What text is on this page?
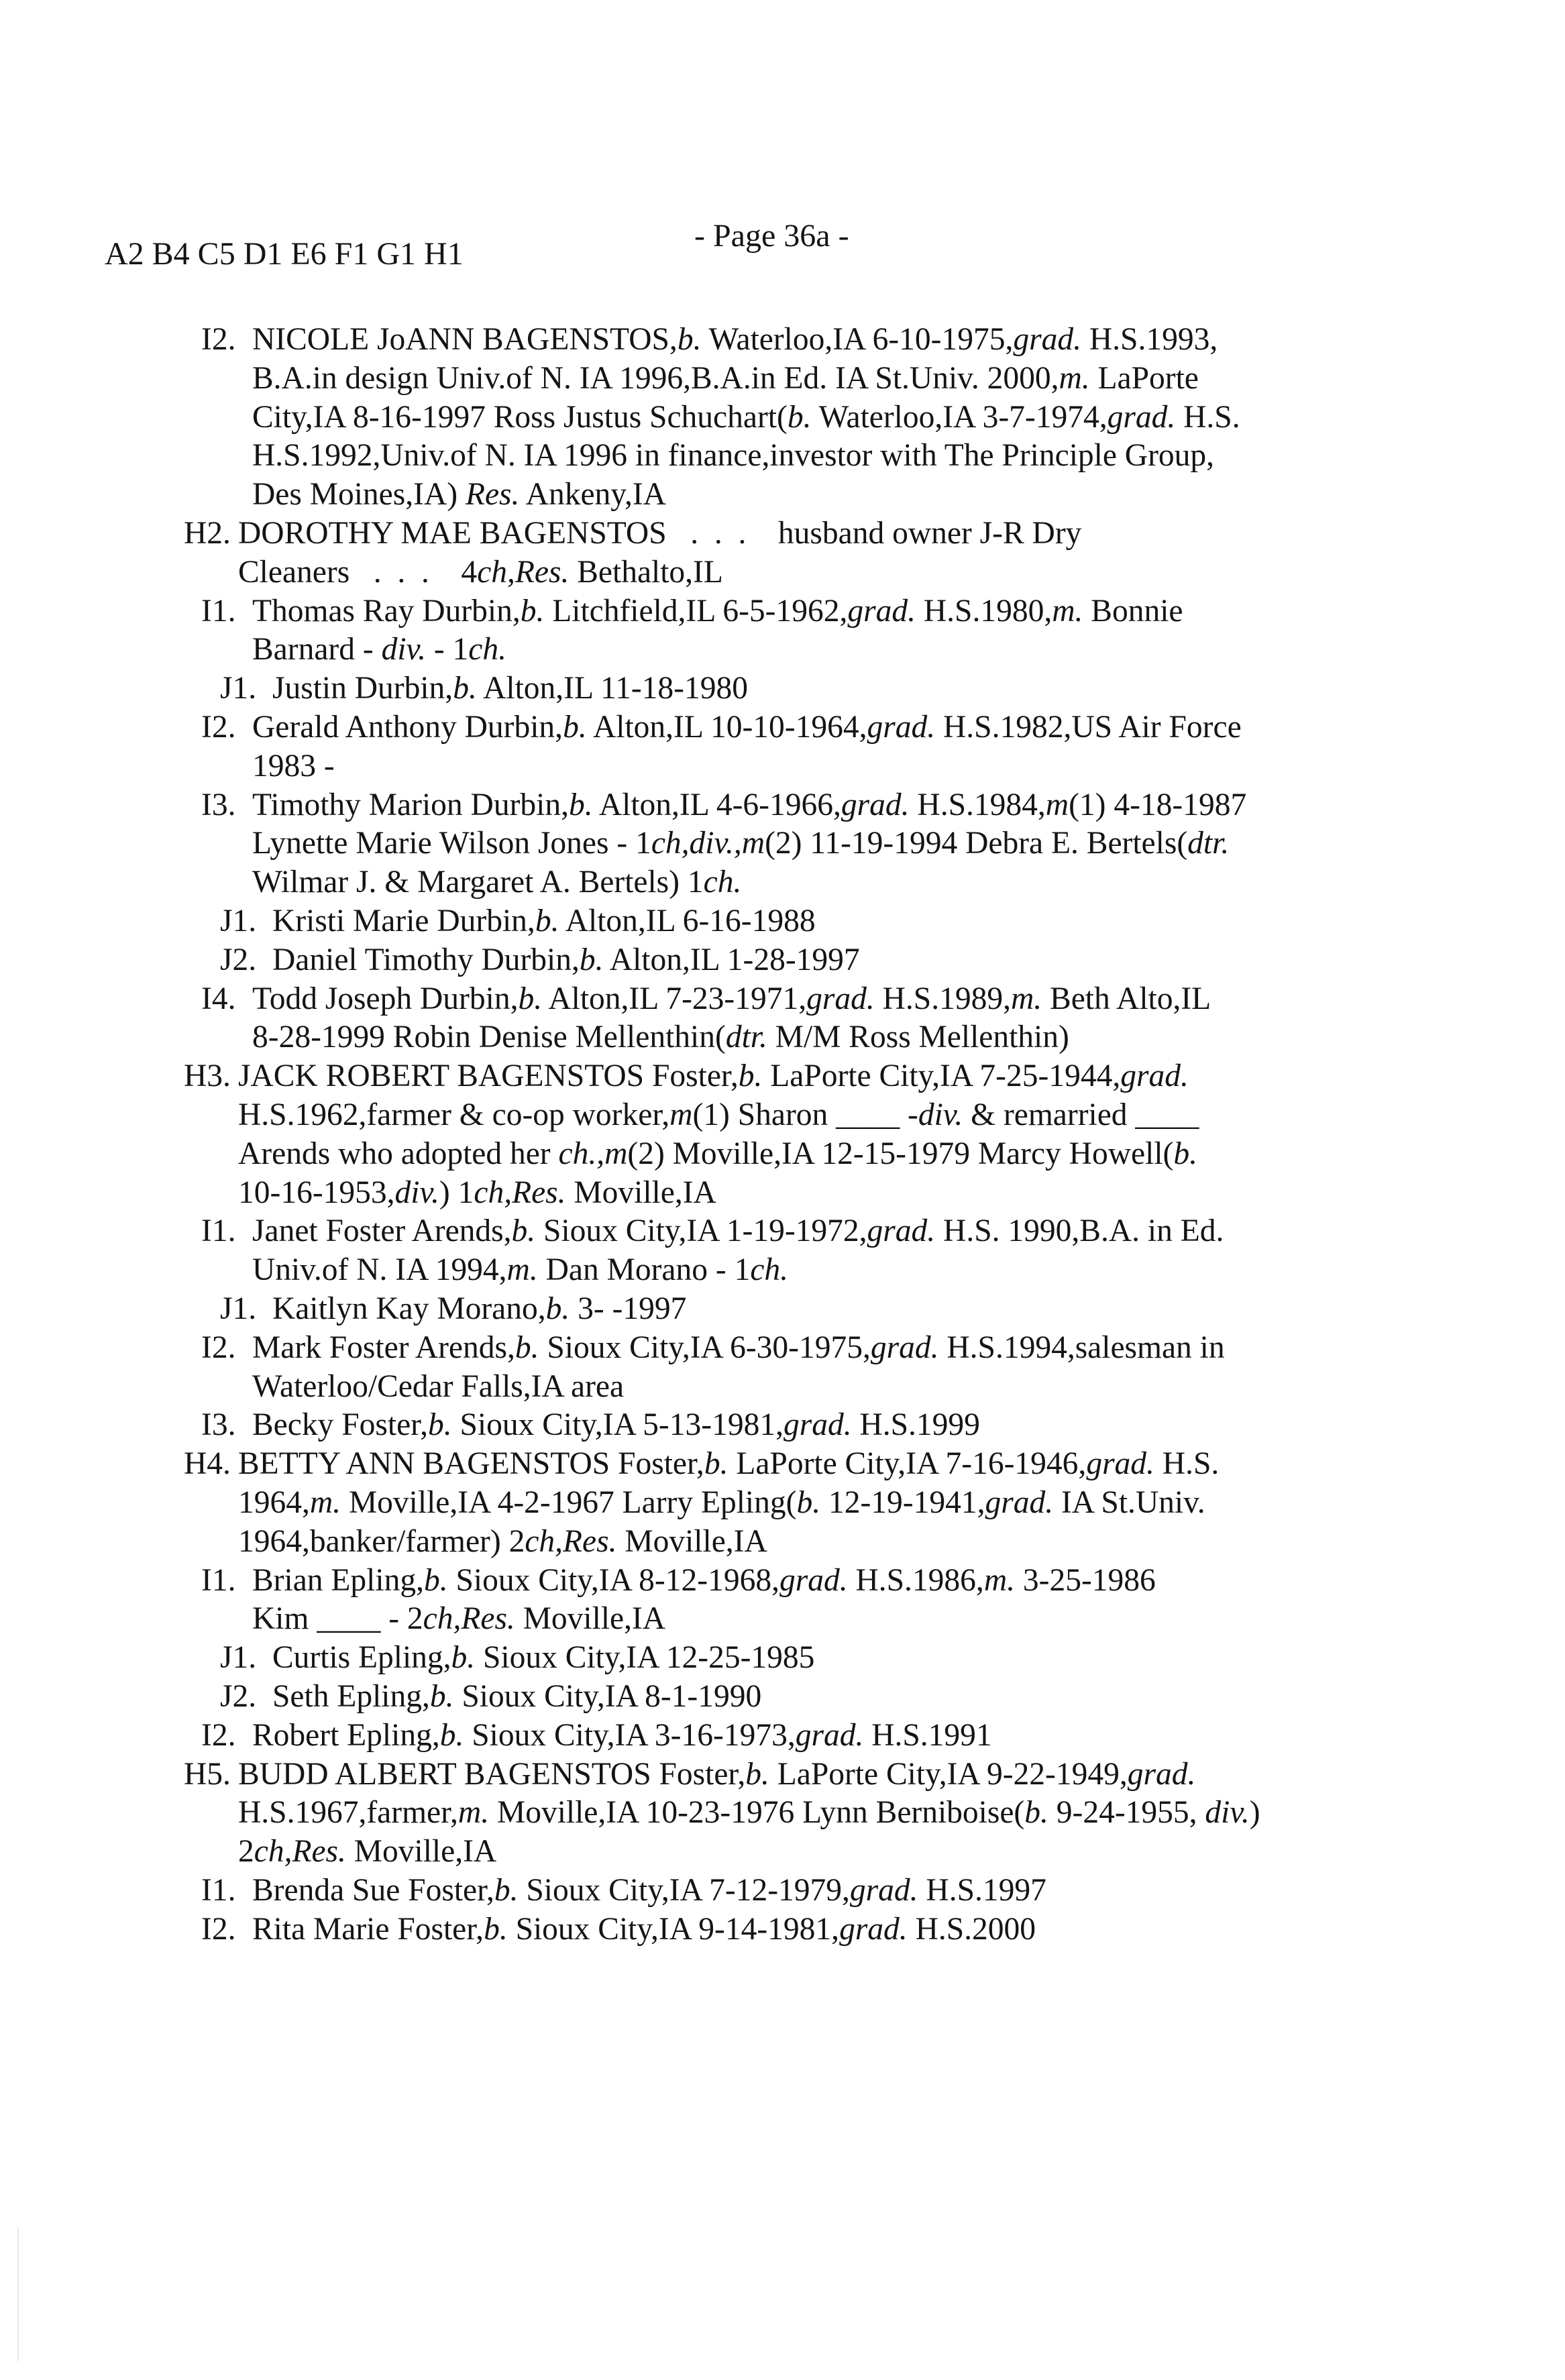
A2 B4 C5 D1 E6 F1 G1 H1
- Page 36a -
I2. NICOLE JoANN BAGENSTOS,b. Waterloo,IA 6-10-1975,grad. H.S.1993,
B.A.in design Univ.of N. IA 1996,B.A.in Ed. IA St.Univ. 2000,m. LaPorte
City,IA 8-16-1997 Ross Justus Schuchart(b. Waterloo,IA 3-7-1974,grad. H.S.
H.S.1992,Univ.of N. IA 1996 in finance,investor with The Principle Group,
Des Moines,IA) Res. Ankeny,IA
H2. DOROTHY MAE BAGENSTOS   .  .  .    husband owner J-R Dry
Cleaners   .  .  .    4ch,Res. Bethalto,IL
I1. Thomas Ray Durbin,b. Litchfield,IL 6-5-1962,grad. H.S.1980,m. Bonnie
Barnard - div. - 1ch.
J1. Justin Durbin,b. Alton,IL 11-18-1980
I2. Gerald Anthony Durbin,b. Alton,IL 10-10-1964,grad. H.S.1982,US Air Force
1983 -
I3. Timothy Marion Durbin,b. Alton,IL 4-6-1966,grad. H.S.1984,m(1) 4-18-1987
Lynette Marie Wilson Jones - 1ch,div.,m(2) 11-19-1994 Debra E. Bertels(dtr.
Wilmar J. & Margaret A. Bertels) 1ch.
J1. Kristi Marie Durbin,b. Alton,IL 6-16-1988
J2. Daniel Timothy Durbin,b. Alton,IL 1-28-1997
I4. Todd Joseph Durbin,b. Alton,IL 7-23-1971,grad. H.S.1989,m. Beth Alto,IL
8-28-1999 Robin Denise Mellenthin(dtr. M/M Ross Mellenthin)
H3. JACK ROBERT BAGENSTOS Foster,b. LaPorte City,IA 7-25-1944,grad.
H.S.1962,farmer & co-op worker,m(1) Sharon ____ -div. & remarried ____
Arends who adopted her ch.,m(2) Moville,IA 12-15-1979 Marcy Howell(b.
10-16-1953,div.) 1ch,Res. Moville,IA
I1. Janet Foster Arends,b. Sioux City,IA 1-19-1972,grad. H.S. 1990,B.A. in Ed.
Univ.of N. IA 1994,m. Dan Morano - 1ch.
J1. Kaitlyn Kay Morano,b. 3- -1997
I2. Mark Foster Arends,b. Sioux City,IA 6-30-1975,grad. H.S.1994,salesman in
Waterloo/Cedar Falls,IA area
I3. Becky Foster,b. Sioux City,IA 5-13-1981,grad. H.S.1999
H4. BETTY ANN BAGENSTOS Foster,b. LaPorte City,IA 7-16-1946,grad. H.S.
1964,m. Moville,IA 4-2-1967 Larry Epling(b. 12-19-1941,grad. IA St.Univ.
1964,banker/farmer) 2ch,Res. Moville,IA
I1. Brian Epling,b. Sioux City,IA 8-12-1968,grad. H.S.1986,m. 3-25-1986
Kim ____ - 2ch,Res. Moville,IA
J1. Curtis Epling,b. Sioux City,IA 12-25-1985
J2. Seth Epling,b. Sioux City,IA 8-1-1990
I2. Robert Epling,b. Sioux City,IA 3-16-1973,grad. H.S.1991
H5. BUDD ALBERT BAGENSTOS Foster,b. LaPorte City,IA 9-22-1949,grad.
H.S.1967,farmer,m. Moville,IA 10-23-1976 Lynn Berniboise(b. 9-24-1955, div.)
2ch,Res. Moville,IA
I1. Brenda Sue Foster,b. Sioux City,IA 7-12-1979,grad. H.S.1997
I2. Rita Marie Foster,b. Sioux City,IA 9-14-1981,grad. H.S.2000
